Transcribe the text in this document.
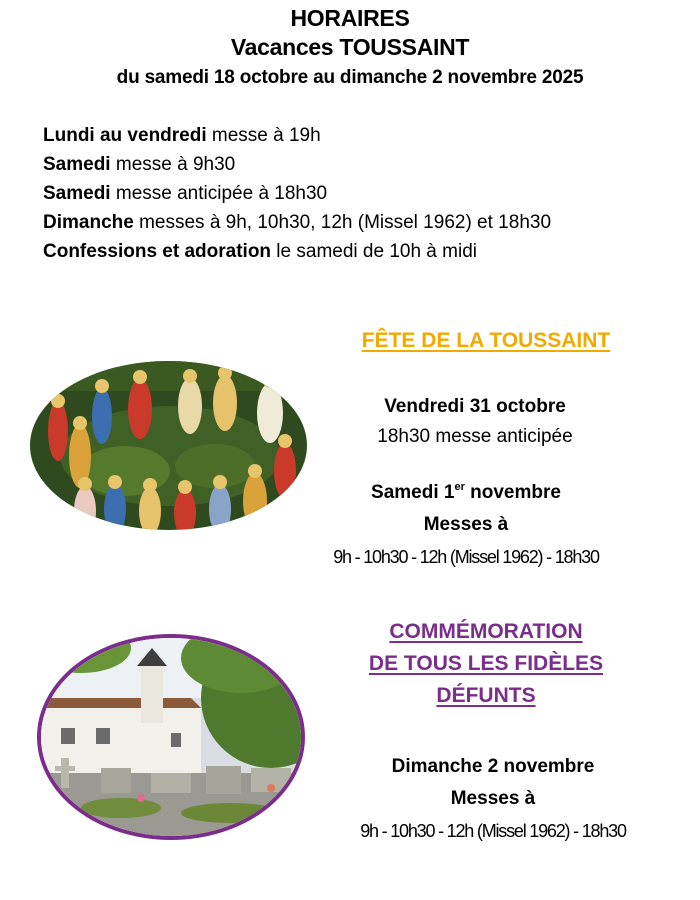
HORAIRES
Vacances TOUSSAINT
du samedi 18 octobre au dimanche 2 novembre 2025
Lundi au vendredi messe à 19h
Samedi messe à 9h30
Samedi messe anticipée à 18h30
Dimanche messes à 9h, 10h30, 12h (Missel 1962) et 18h30
Confessions et adoration le samedi de 10h à midi
FÊTE DE LA TOUSSAINT
Vendredi 31 octobre
18h30 messe anticipée
Samedi 1er novembre
Messes à
9h - 10h30 - 12h (Missel 1962) - 18h30
COMMÉMORATION
DE TOUS LES FIDÈLES
DÉFUNTS
Dimanche 2 novembre
Messes à
9h - 10h30 - 12h (Missel 1962) - 18h30
